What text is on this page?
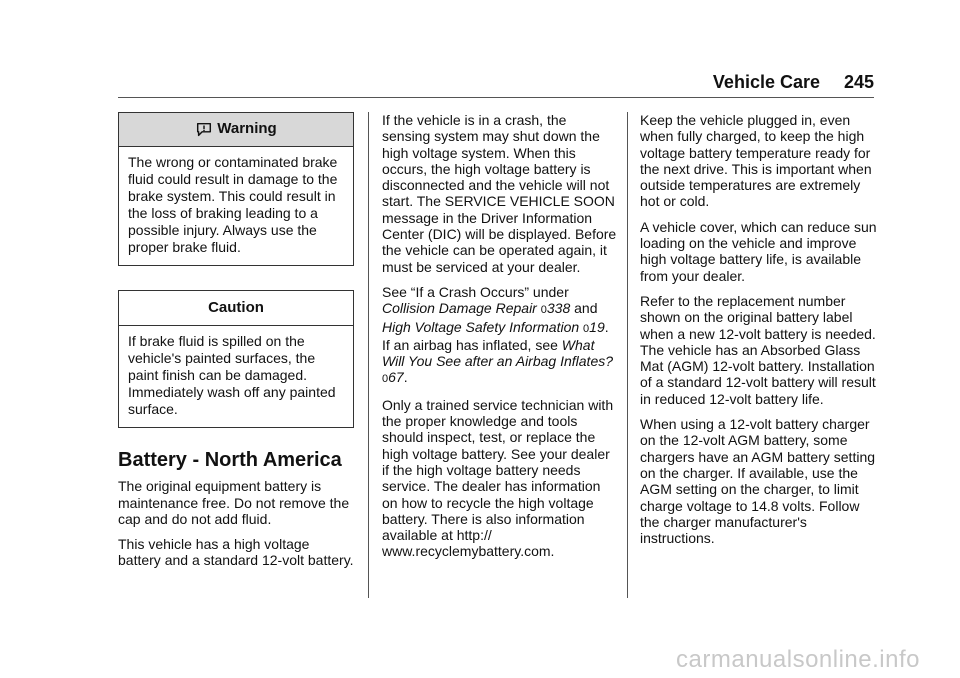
Vehicle Care 245
Warning
The wrong or contaminated brake fluid could result in damage to the brake system. This could result in the loss of braking leading to a possible injury. Always use the proper brake fluid.
Caution
If brake fluid is spilled on the vehicle's painted surfaces, the paint finish can be damaged. Immediately wash off any painted surface.
Battery - North America

The original equipment battery is maintenance free. Do not remove the cap and do not add fluid.

This vehicle has a high voltage battery and a standard 12-volt battery.

If the vehicle is in a crash, the sensing system may shut down the high voltage system. When this occurs, the high voltage battery is disconnected and the vehicle will not start. The SERVICE VEHICLE SOON message in the Driver Information Center (DIC) will be displayed. Before the vehicle can be operated again, it must be serviced at your dealer.

See “If a Crash Occurs” under Collision Damage Repair 0338 and High Voltage Safety Information 019. If an airbag has inflated, see What Will You See after an Airbag Inflates? 067.

Only a trained service technician with the proper knowledge and tools should inspect, test, or replace the high voltage battery. See your dealer if the high voltage battery needs service. The dealer has information on how to recycle the high voltage battery. There is also information available at http:// www.recyclemybattery.com.

Keep the vehicle plugged in, even when fully charged, to keep the high voltage battery temperature ready for the next drive. This is important when outside temperatures are extremely hot or cold.

A vehicle cover, which can reduce sun loading on the vehicle and improve high voltage battery life, is available from your dealer.

Refer to the replacement number shown on the original battery label when a new 12-volt battery is needed. The vehicle has an Absorbed Glass Mat (AGM) 12-volt battery. Installation of a standard 12-volt battery will result in reduced 12-volt battery life.

When using a 12-volt battery charger on the 12-volt AGM battery, some chargers have an AGM battery setting on the charger. If available, use the AGM setting on the charger, to limit charge voltage to 14.8 volts. Follow the charger manufacturer's instructions.

carmanualsonline.info
